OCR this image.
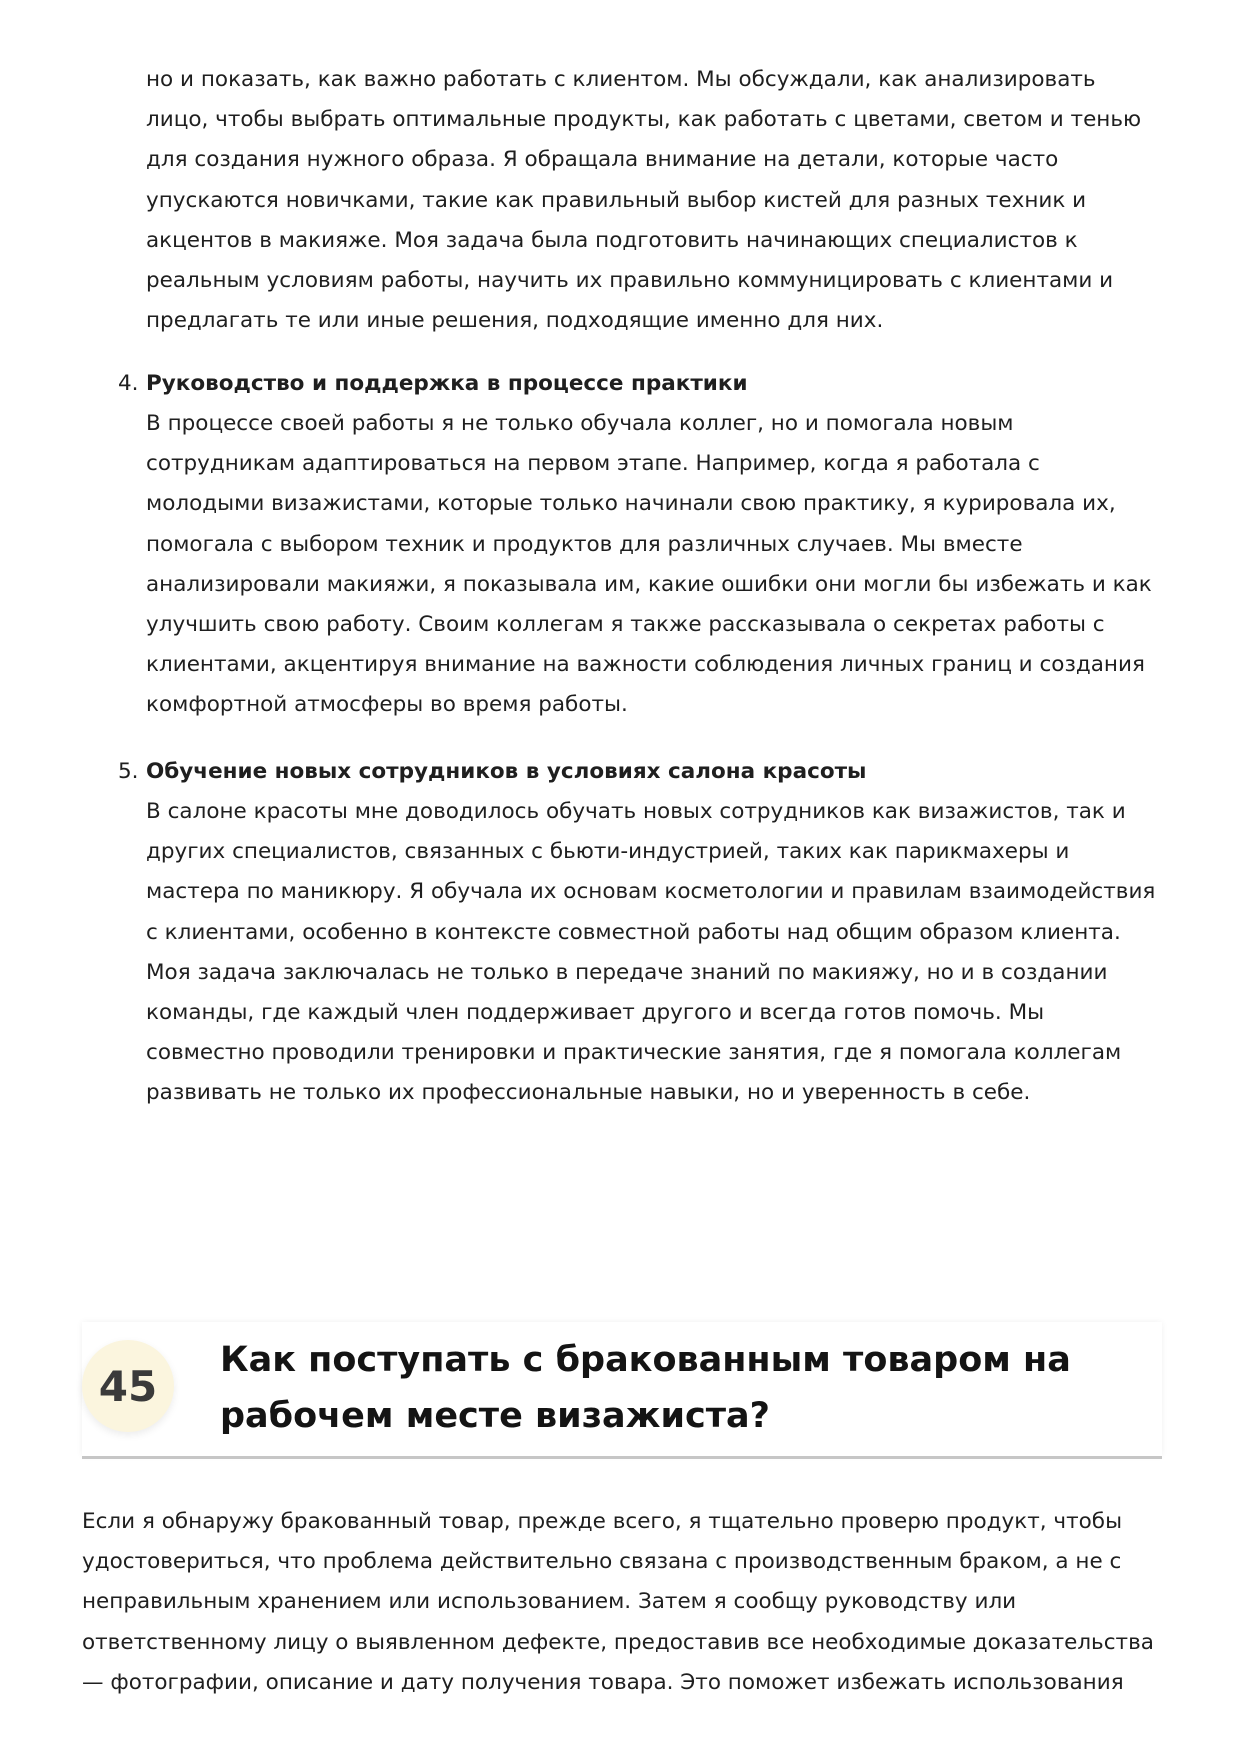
но и показать, как важно работать с клиентом. Мы обсуждали, как анализировать лицо, чтобы выбрать оптимальные продукты, как работать с цветами, светом и тенью для создания нужного образа. Я обращала внимание на детали, которые часто упускаются новичками, такие как правильный выбор кистей для разных техник и акцентов в макияже. Моя задача была подготовить начинающих специалистов к реальным условиям работы, научить их правильно коммуницировать с клиентами и предлагать те или иные решения, подходящие именно для них.

4. Руководство и поддержка в процессе практики

В процессе своей работы я не только обучала коллег, но и помогала новым сотрудникам адаптироваться на первом этапе. Например, когда я работала с молодыми визажистами, которые только начинали свою практику, я курировала их, помогала с выбором техник и продуктов для различных случаев. Мы вместе анализировали макияжи, я показывала им, какие ошибки они могли бы избежать и как улучшить свою работу. Своим коллегам я также рассказывала о секретах работы с клиентами, акцентируя внимание на важности соблюдения личных границ и создания комфортной атмосферы во время работы.

5. Обучение новых сотрудников в условиях салона красоты

В салоне красоты мне доводилось обучать новых сотрудников как визажистов, так и других специалистов, связанных с бьюти-индустрией, таких как парикмахеры и мастера по маникюру. Я обучала их основам косметологии и правилам взаимодействия с клиентами, особенно в контексте совместной работы над общим образом клиента. Моя задача заключалась не только в передаче знаний по макияжу, но и в создании команды, где каждый член поддерживает другого и всегда готов помочь. Мы совместно проводили тренировки и практические занятия, где я помогала коллегам развивать не только их профессиональные навыки, но и уверенность в себе.

45
Как поступать с бракованным товаром на рабочем месте визажиста?

Если я обнаружу бракованный товар, прежде всего, я тщательно проверю продукт, чтобы удостовериться, что проблема действительно связана с производственным браком, а не с неправильным хранением или использованием. Затем я сообщу руководству или ответственному лицу о выявленном дефекте, предоставив все необходимые доказательства — фотографии, описание и дату получения товара. Это поможет избежать использования
